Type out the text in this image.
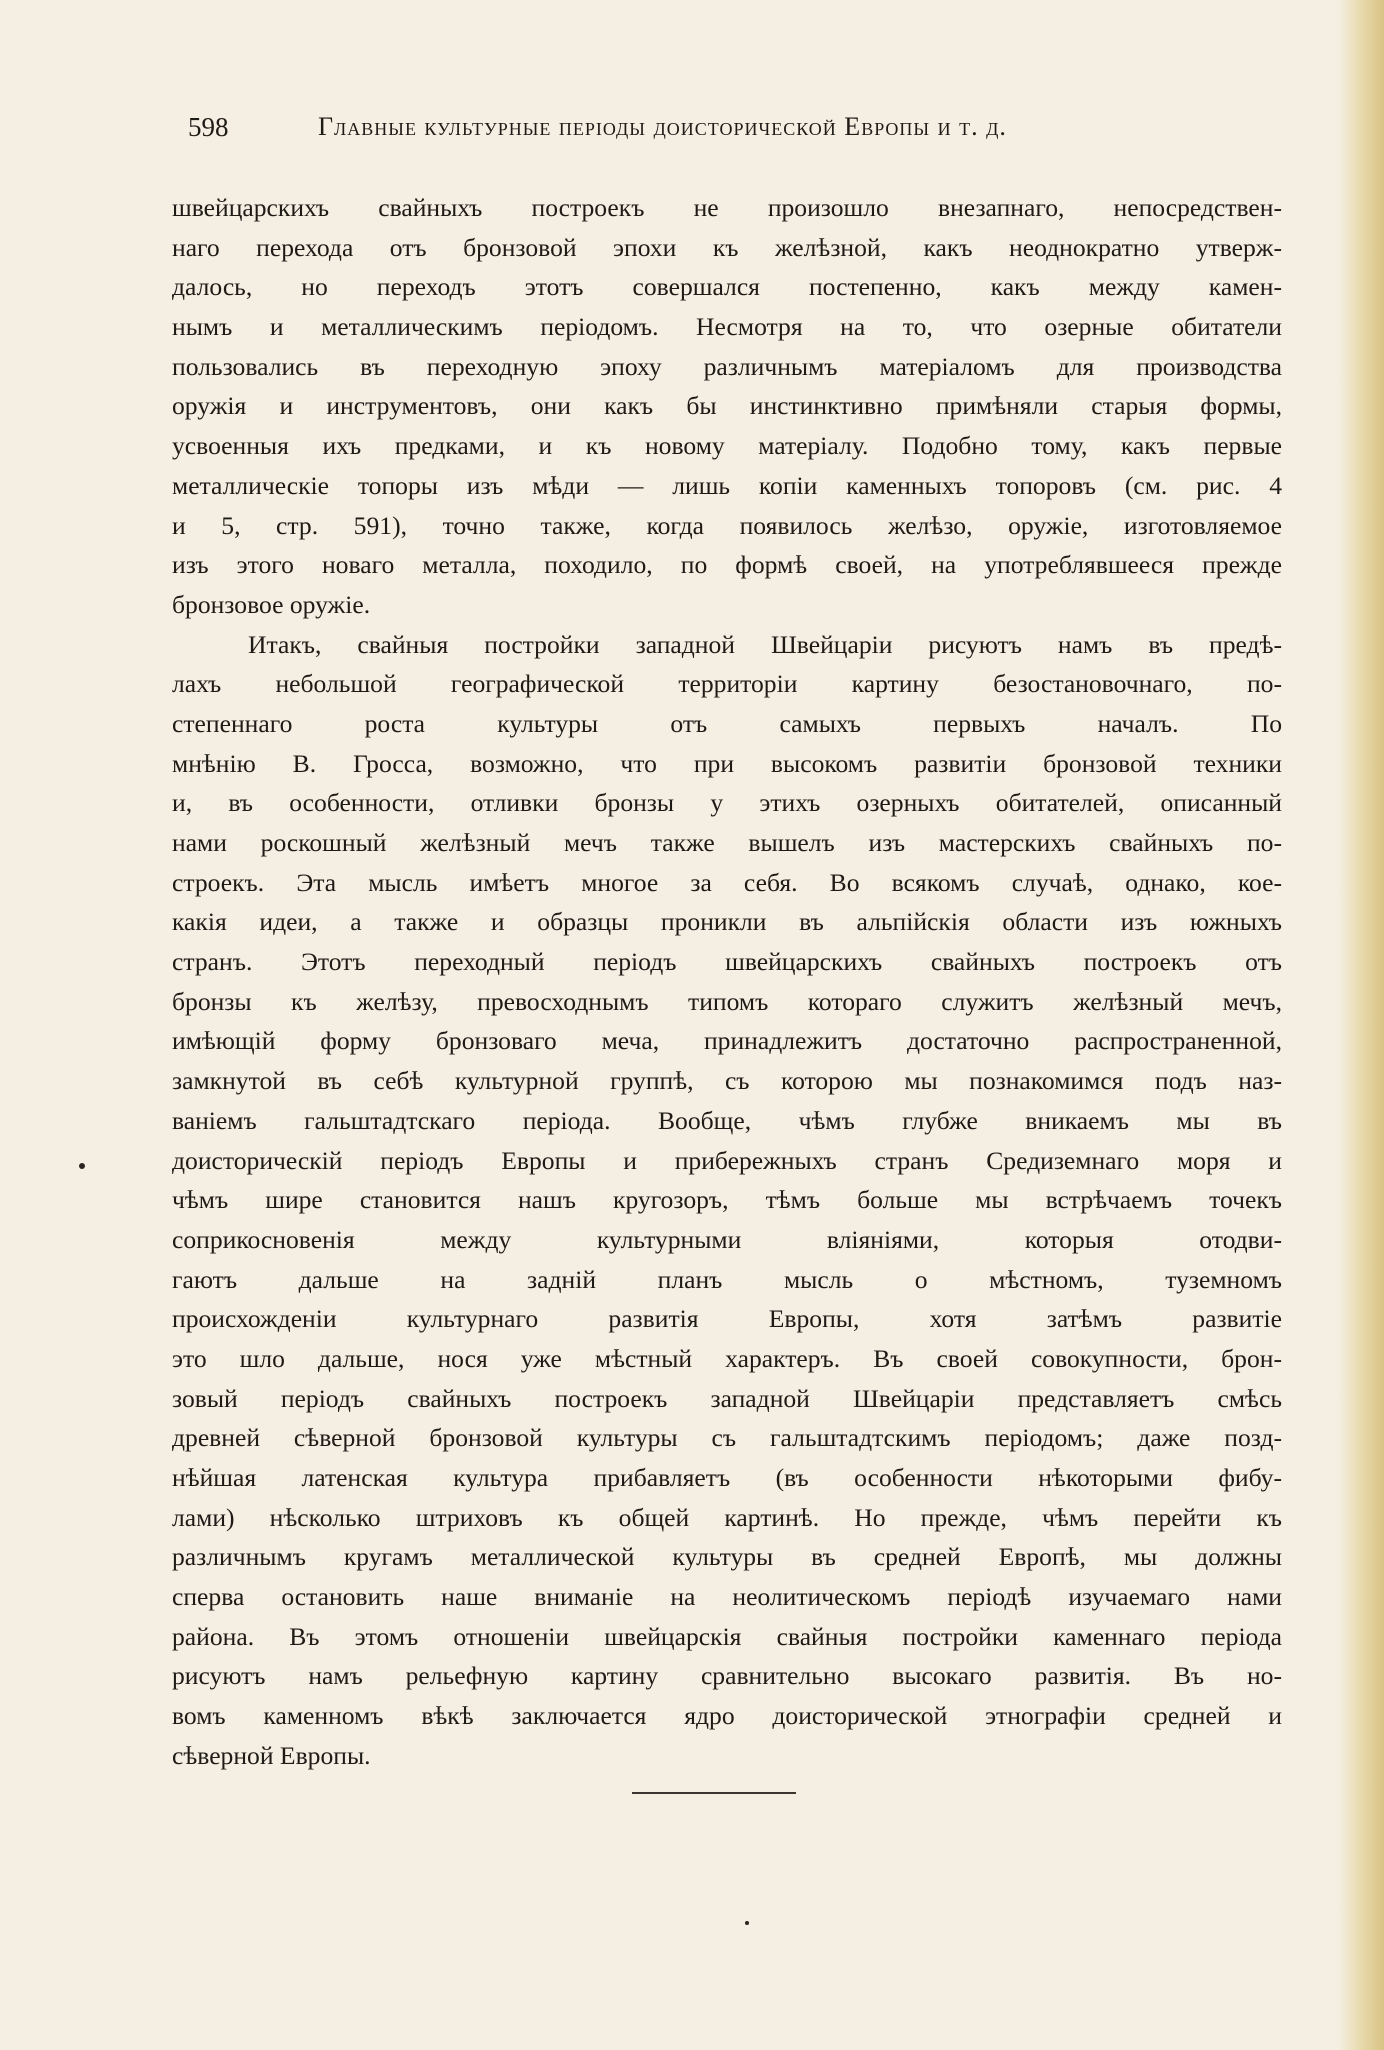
598	Главные культурные періоды доисторической Европы и т. д.
швейцарскихъ свайныхъ построекъ не произошло внезапнаго, непосредствен-
наго перехода отъ бронзовой эпохи къ желѣзной, какъ неоднократно утверж-
далось, но переходъ этотъ совершался постепенно, какъ между камен-
нымъ и металлическимъ періодомъ. Несмотря на то, что озерные обитатели
пользовались въ переходную эпоху различнымъ матеріаломъ для производства
оружія и инструментовъ, они какъ бы инстинктивно примѣняли старыя формы,
усвоенныя ихъ предками, и къ новому матеріалу. Подобно тому, какъ первые
металлическіе топоры изъ мѣди — лишь копіи каменныхъ топоровъ (см. рис. 4
и 5, стр. 591), точно также, когда появилось желѣзо, оружіе, изготовляемое
изъ этого новаго металла, походило, по формѣ своей, на употреблявшееся прежде
бронзовое оружіе.
Итакъ, свайныя постройки западной Швейцаріи рисуютъ намъ въ предѣ-
лахъ небольшой географической территоріи картину безостановочнаго, по-
степеннаго роста культуры отъ самыхъ первыхъ началъ. По
мнѣнію В. Гросса, возможно, что при высокомъ развитіи бронзовой техники
и, въ особенности, отливки бронзы у этихъ озерныхъ обитателей, описанный
нами роскошный желѣзный мечъ также вышелъ изъ мастерскихъ свайныхъ по-
строекъ. Эта мысль имѣетъ многое за себя. Во всякомъ случаѣ, однако, кое-
какія идеи, а также и образцы проникли въ альпійскія области изъ южныхъ
странъ. Этотъ переходный періодъ швейцарскихъ свайныхъ построекъ отъ
бронзы къ желѣзу, превосходнымъ типомъ котораго служитъ желѣзный мечъ,
имѣющій форму бронзоваго меча, принадлежитъ достаточно распространенной,
замкнутой въ себѣ культурной группѣ, съ которою мы познакомимся подъ наз-
ваніемъ гальштадтскаго періода. Вообще, чѣмъ глубже вникаемъ мы въ
доисторическій періодъ Европы и прибережныхъ странъ Средиземнаго моря и
чѣмъ шире становится нашъ кругозоръ, тѣмъ больше мы встрѣчаемъ точекъ
соприкосновенія между культурными вліяніями, которыя отодви-
гаютъ дальше на задній планъ мысль о мѣстномъ, туземномъ
происхожденіи культурнаго развитія Европы, хотя затѣмъ развитіе
это шло дальше, нося уже мѣстный характеръ. Въ своей совокупности, брон-
зовый періодъ свайныхъ построекъ западной Швейцаріи представляетъ смѣсь
древней сѣверной бронзовой культуры съ гальштадтскимъ періодомъ; даже позд-
нѣйшая латенская культура прибавляетъ (въ особенности нѣкоторыми фибу-
лами) нѣсколько штриховъ къ общей картинѣ. Но прежде, чѣмъ перейти къ
различнымъ кругамъ металлической культуры въ средней Европѣ, мы должны
сперва остановить наше вниманіе на неолитическомъ періодѣ изучаемаго нами
района. Въ этомъ отношеніи швейцарскія свайныя постройки каменнаго періода
рисуютъ намъ рельефную картину сравнительно высокаго развитія. Въ но-
вомъ каменномъ вѣкѣ заключается ядро доисторической этнографіи средней и
сѣверной Европы.
